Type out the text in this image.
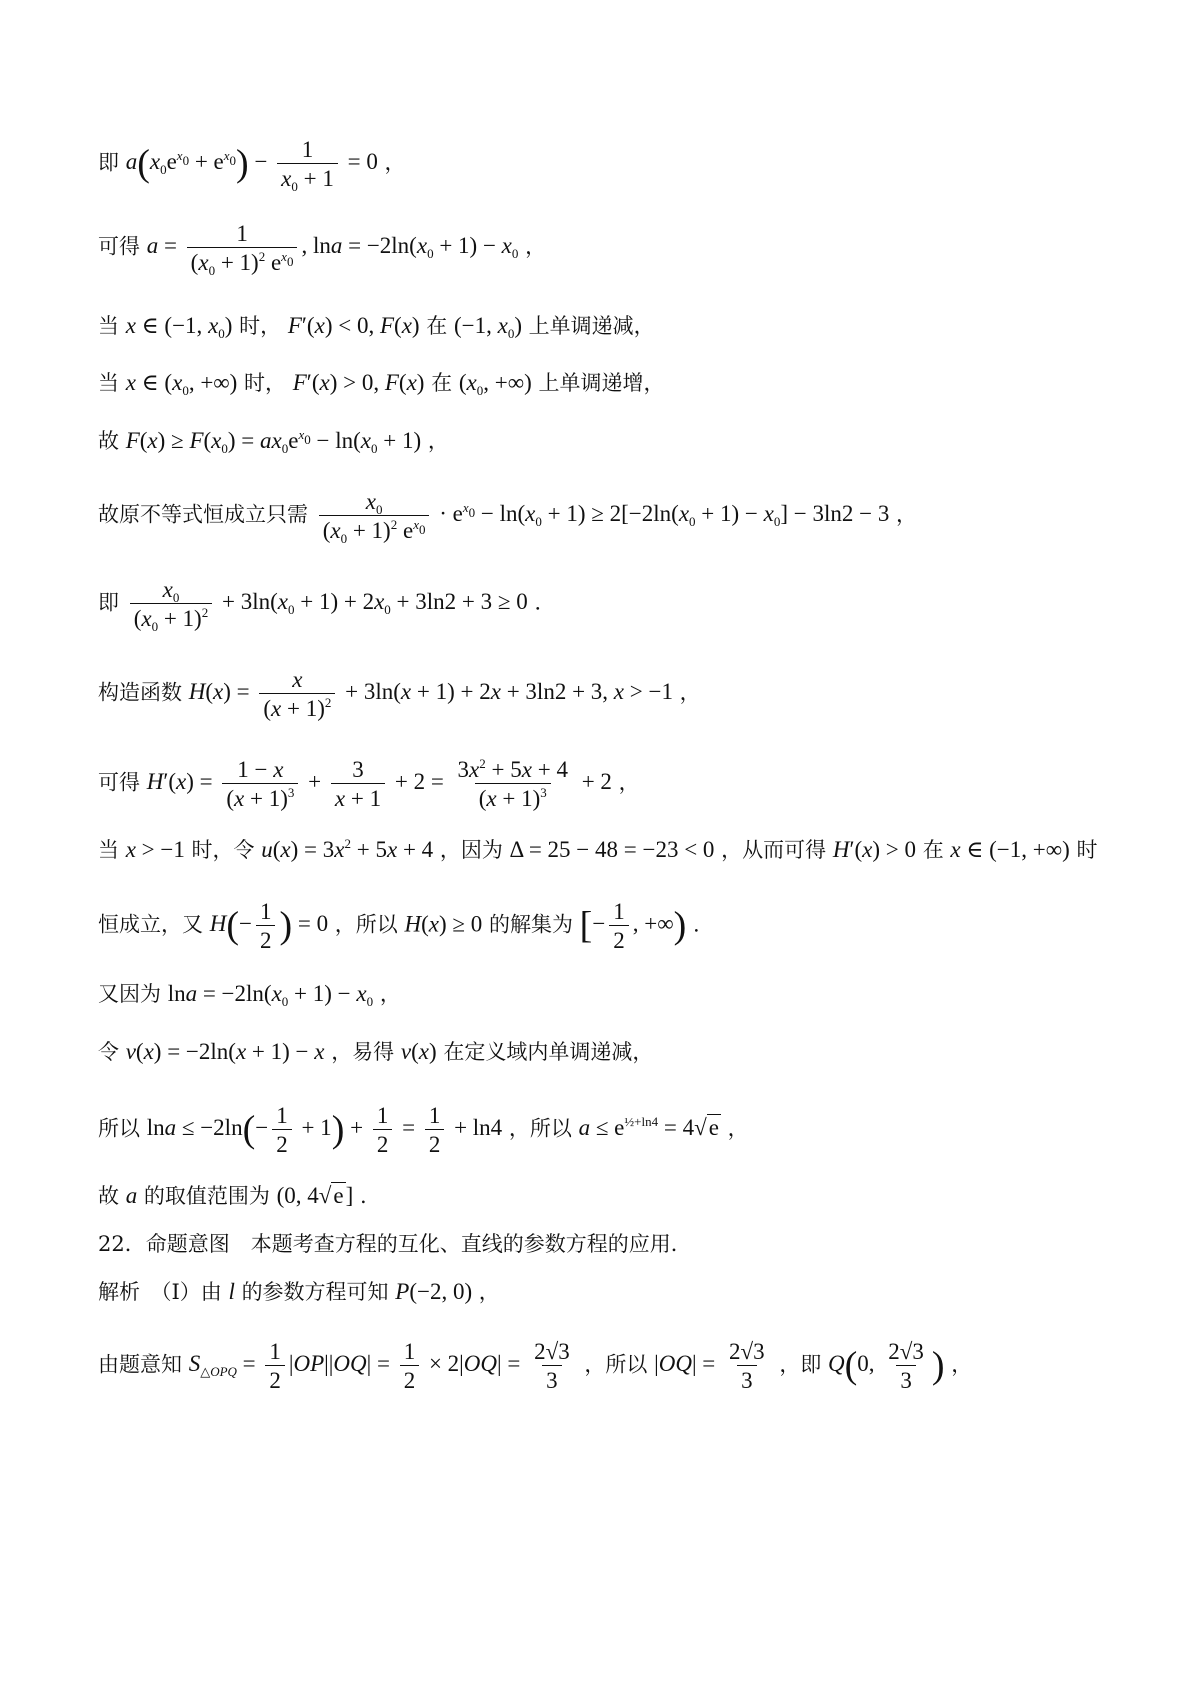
即 $a(x_0e^{x_0} + e^{x_0}) - \frac{1}{x_0 + 1} = 0$ ，
可得 $a = \frac{1}{(x_0 + 1)^2 e^{x_0}}$ , $\ln a = -2\ln(x_0 + 1) - x_0$ ，
当 x ∈ (−1, $x_0$) 时， F′(x) < 0, F(x) 在 (−1, $x_0$) 上单调递减，
当 x ∈ ($x_0$, +∞) 时， F′(x) > 0, F(x) 在 ($x_0$, +∞) 上单调递增，
故 $F(x) \ge F(x_0) = ax_0e^{x_0} - \ln(x_0 + 1)$ ，
故原不等式恒成立只需 $\frac{x_0}{(x_0 + 1)^2 e^{x_0}} \cdot e^{x_0} - \ln(x_0 + 1) \ge 2[-2\ln(x_0 + 1) - x_0] - 3\ln 2 - 3$ ，
即 $\frac{x_0}{(x_0 + 1)^2} + 3\ln(x_0 + 1) + 2x_0 + 3\ln 2 + 3 \ge 0$ ．
构造函数 $H(x) = \frac{x}{(x + 1)^2} + 3\ln(x + 1) + 2x + 3\ln 2 + 3$, x > −1 ，
可得 $H'(x) = \frac{1 - x}{(x + 1)^3} + \frac{3}{x + 1} + 2 = \frac{3x^2 + 5x + 4}{(x + 1)^3} + 2$ ，
当 x > −1 时，令 $u(x) = 3x^2 + 5x + 4$ ，因为 Δ = 25 − 48 = −23 < 0 ，从而可得 H′(x) > 0 在 x ∈ (−1, +∞) 时
恒成立，又 $H(- \frac{1}{2}$ ) = 0 ，所以 H(x) ≥ 0 的解集为 [− $\frac{1}{2}$ , +∞) .
又因为 $\ln a = -2\ln(x_0 + 1) - x_0$ ，
令 v(x) = −2ln(x + 1) − x ，易得 v(x) 在定义域内单调递减，
所以 $\ln a \le -2\ln(- \frac{1}{2} + 1) + \frac{1}{2} = \frac{1}{2} + \ln 4$ ，所以 $a \le e^{\frac{1}{2}+ln4} = 4√e$ ，
故 a 的取值范围为 (0, 4√e] .
22．命题意图　本题考查方程的互化、直线的参数方程的应用．
解析　（Ⅰ）由 l 的参数方程可知 P(−2, 0) ，
由题意知 $S_{\triangle OPQ} = \frac{1}{2} |OP||OQ| = \frac{1}{2} \times 2|OQ| = \frac{2√3}{3}$ ，所以 $|OQ| = \frac{2√3}{3}$ ，即 Q(0, $\frac{2√3}{3}$ ) ，
